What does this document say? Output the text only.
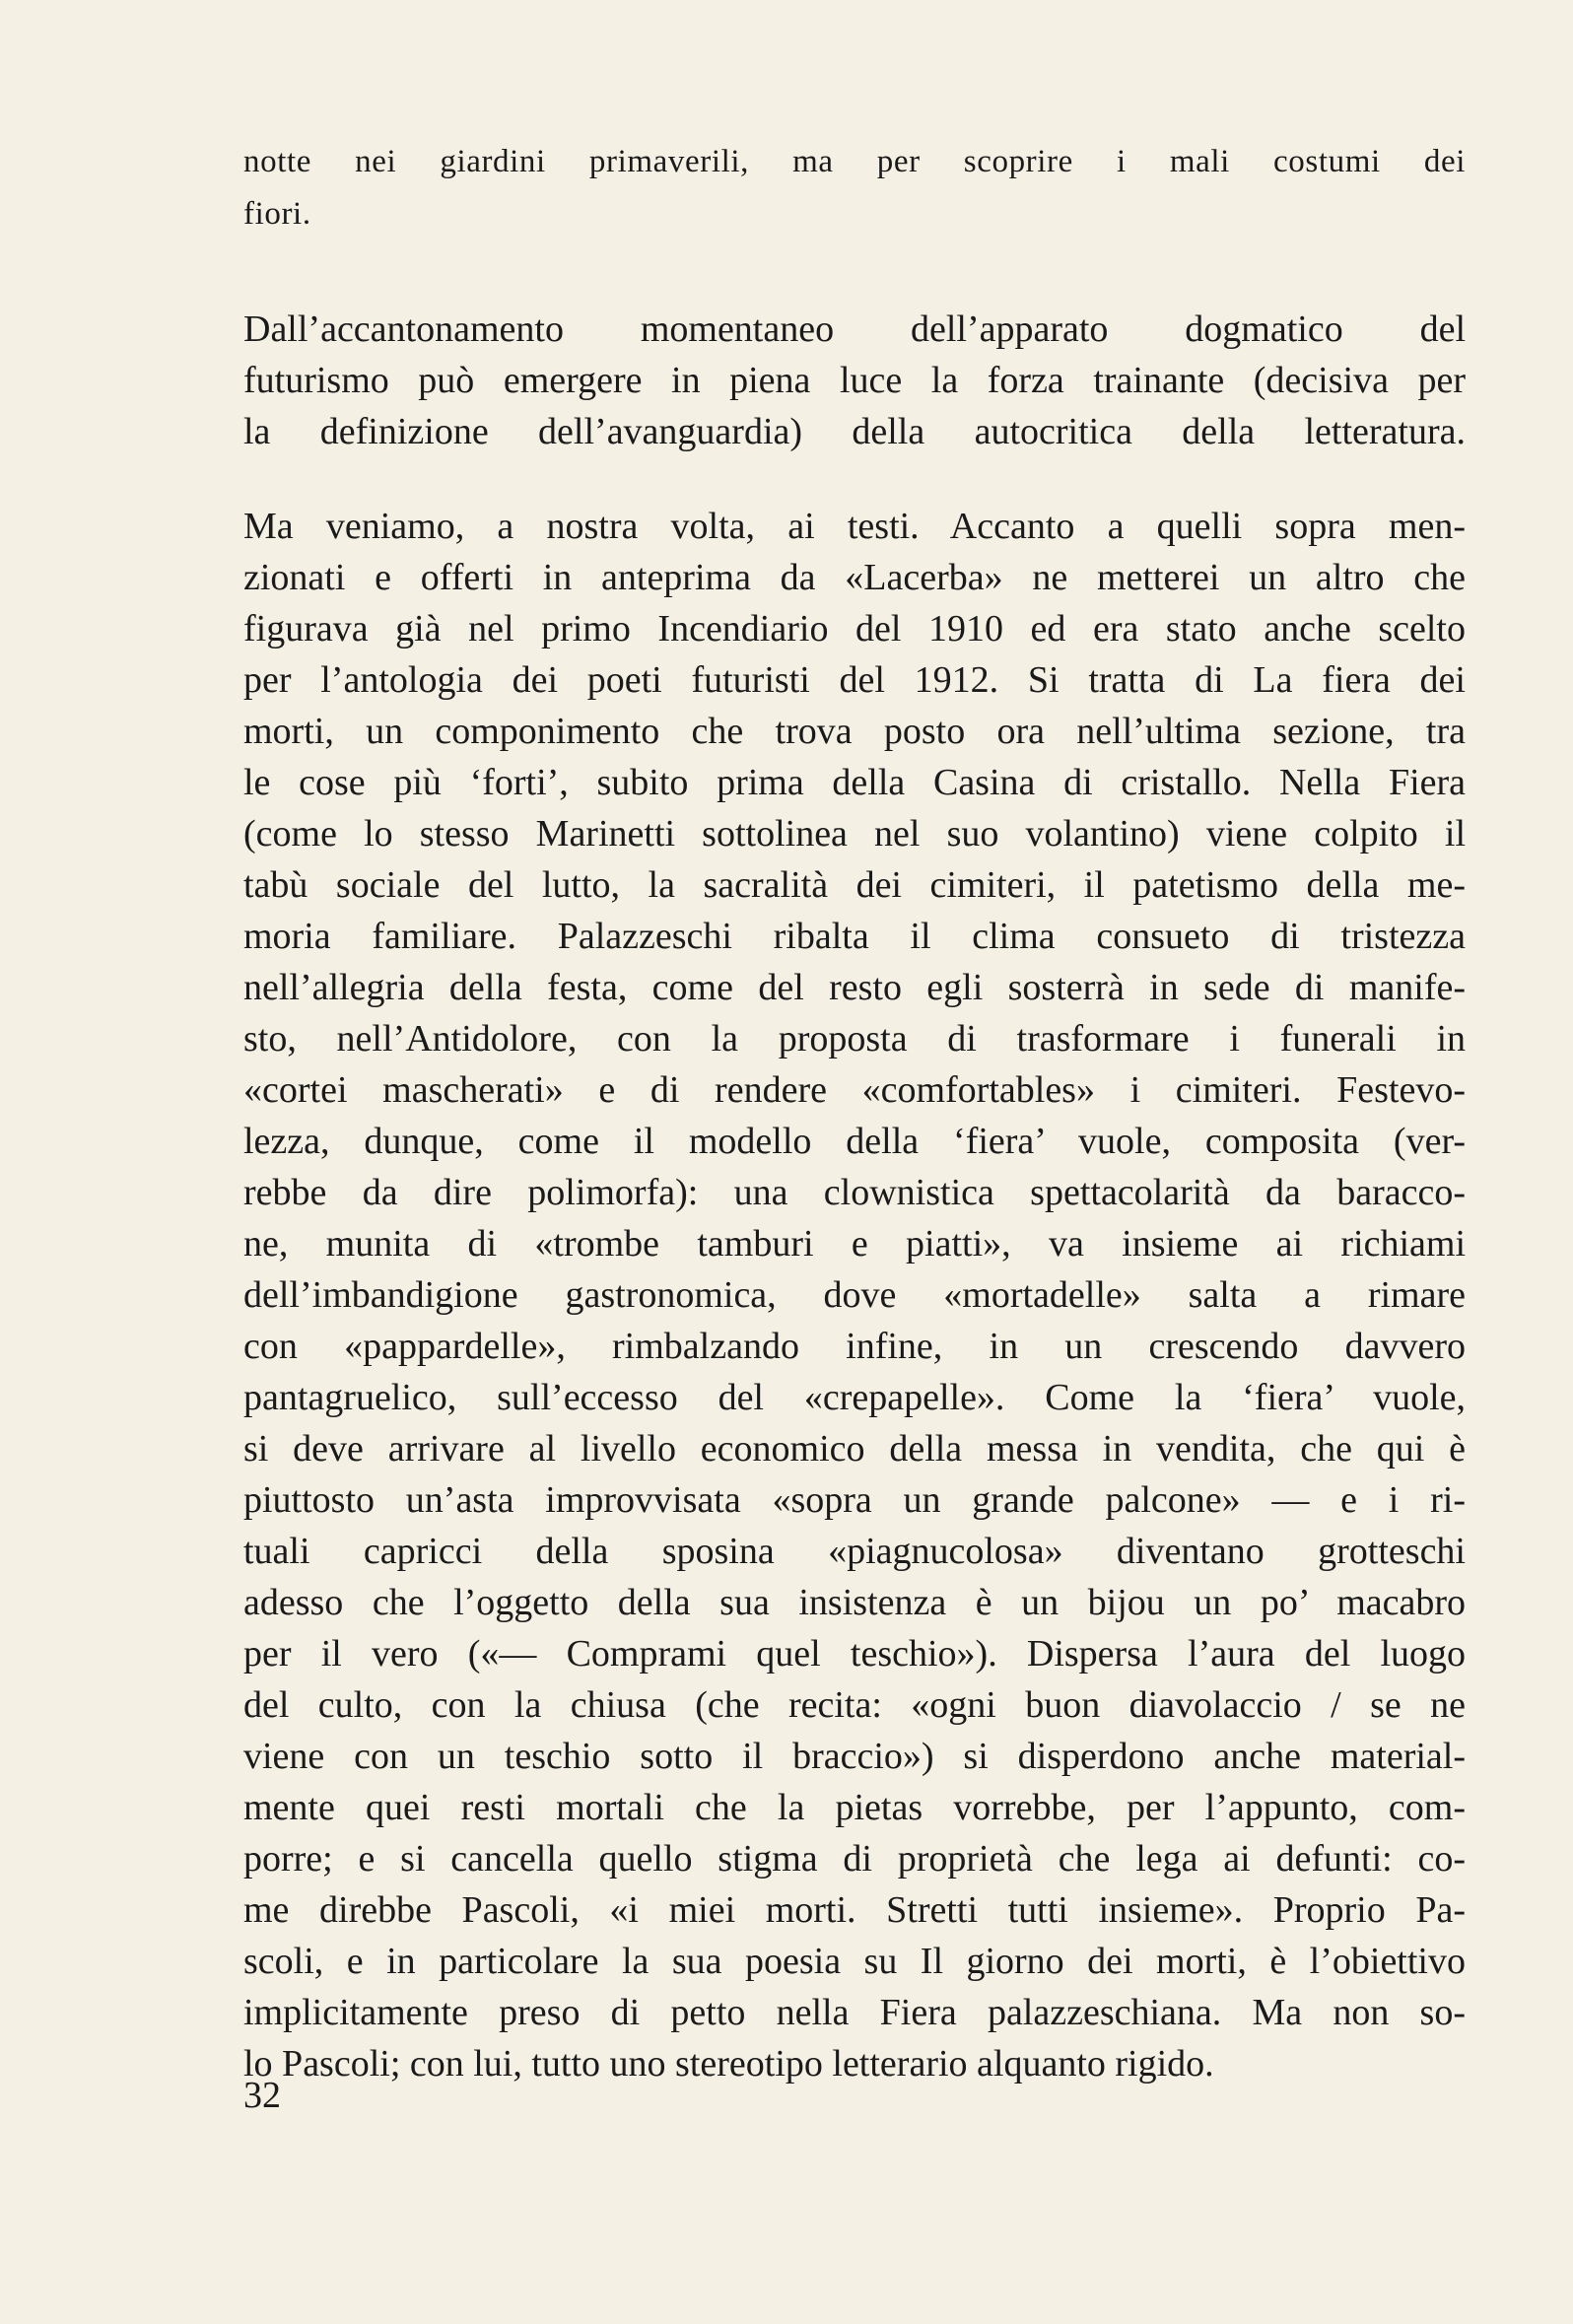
notte nei giardini primaverili, ma per scoprire i mali costumi dei
fiori.
Dall’accantonamento momentaneo dell’apparato dogmatico del
futurismo può emergere in piena luce la forza trainante (decisiva per
la definizione dell’avanguardia) della autocritica della letteratura.
Ma veniamo, a nostra volta, ai testi. Accanto a quelli sopra men-
zionati e offerti in anteprima da «Lacerba» ne metterei un altro che
figurava già nel primo Incendiario del 1910 ed era stato anche scelto
per l’antologia dei poeti futuristi del 1912. Si tratta di La fiera dei
morti, un componimento che trova posto ora nell’ultima sezione, tra
le cose più ‘forti’, subito prima della Casina di cristallo. Nella Fiera
(come lo stesso Marinetti sottolinea nel suo volantino) viene colpito il
tabù sociale del lutto, la sacralità dei cimiteri, il patetismo della me-
moria familiare. Palazzeschi ribalta il clima consueto di tristezza
nell’allegria della festa, come del resto egli sosterrà in sede di manife-
sto, nell’Antidolore, con la proposta di trasformare i funerali in
«cortei mascherati» e di rendere «comfortables» i cimiteri. Festevo-
lezza, dunque, come il modello della ‘fiera’ vuole, composita (ver-
rebbe da dire polimorfa): una clownistica spettacolarità da baracco-
ne, munita di «trombe tamburi e piatti», va insieme ai richiami
dell’imbandigione gastronomica, dove «mortadelle» salta a rimare
con «pappardelle», rimbalzando infine, in un crescendo davvero
pantagruelico, sull’eccesso del «crepapelle». Come la ‘fiera’ vuole,
si deve arrivare al livello economico della messa in vendita, che qui è
piuttosto un’asta improvvisata «sopra un grande palcone» — e i ri-
tuali capricci della sposina «piagnucolosa» diventano grotteschi
adesso che l’oggetto della sua insistenza è un bijou un po’ macabro
per il vero («— Comprami quel teschio»). Dispersa l’aura del luogo
del culto, con la chiusa (che recita: «ogni buon diavolaccio / se ne
viene con un teschio sotto il braccio») si disperdono anche material-
mente quei resti mortali che la pietas vorrebbe, per l’appunto, com-
porre; e si cancella quello stigma di proprietà che lega ai defunti: co-
me direbbe Pascoli, «i miei morti. Stretti tutti insieme». Proprio Pa-
scoli, e in particolare la sua poesia su Il giorno dei morti, è l’obiettivo
implicitamente preso di petto nella Fiera palazzeschiana. Ma non so-
lo Pascoli; con lui, tutto uno stereotipo letterario alquanto rigido.
32
